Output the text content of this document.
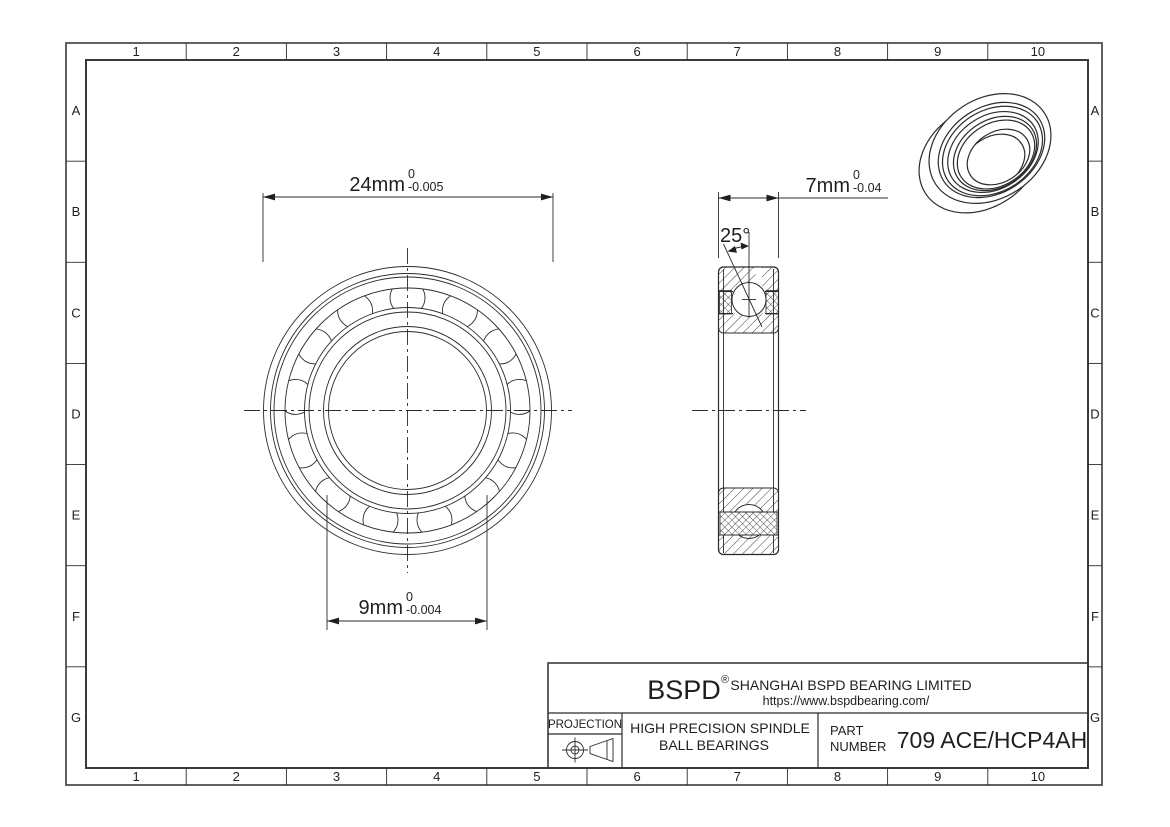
1
1
2
2
3
3
4
4
5
5
6
6
7
7
8
8
9
9
10
10
A	A
B	B
C	C
D	D
E	E
F	F
G	G
24mm 0
-0.005
9mm 0
-0.004
25°
7mm 0
-0.04
BSPD ® SHANGHAI BSPD BEARING LIMITED
https://www.bspdbearing.com/
PROJECTION HIGH PRECISION SPINDLE
BALL BEARINGS
PART
NUMBER 709 ACE/HCP4AH
